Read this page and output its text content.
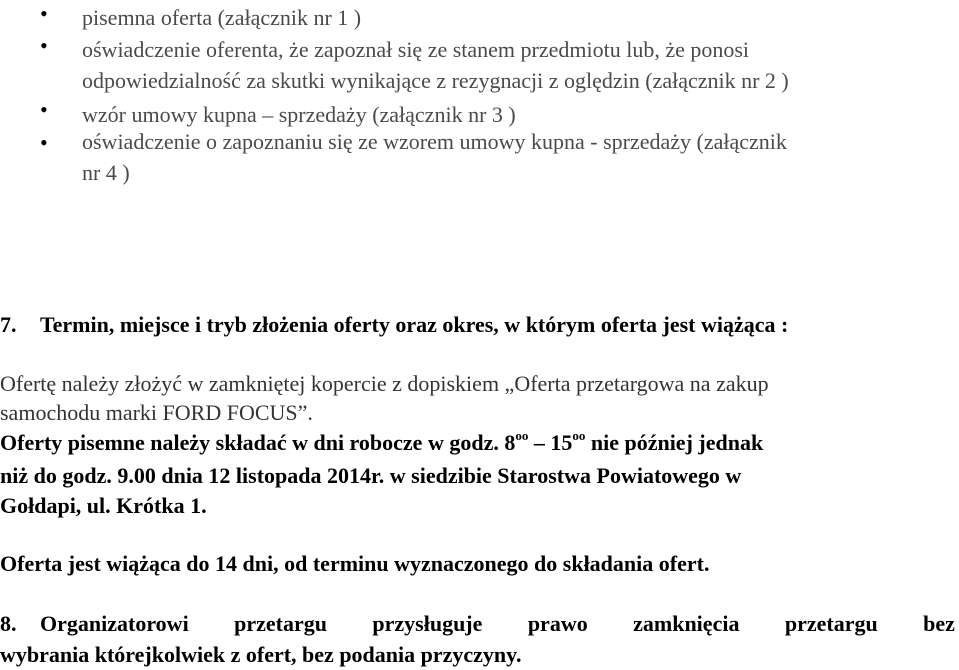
• pisemna oferta (załącznik nr 1 )
• oświadczenie oferenta, że zapoznał się ze stanem przedmiotu lub, że ponosi
odpowiedzialność za skutki wynikające z rezygnacji z oględzin (załącznik nr 2 )
• wzór umowy kupna – sprzedaży (załącznik nr 3 )
• oświadczenie o zapoznaniu się ze wzorem umowy kupna - sprzedaży (załącznik
nr 4 )
7. Termin, miejsce i tryb złożenia oferty oraz okres, w którym oferta jest wiążąca :
Ofertę należy złożyć w zamkniętej kopercie z dopiskiem „Oferta przetargowa na zakup
samochodu marki FORD FOCUS”.
Oferty pisemne należy składać w dni robocze w godz. $8^{oo} - 15^{oo}$ nie później jednak
niż do godz. 9.00 dnia 12 listopada 2014r. w siedzibie Starostwa Powiatowego w
Gołdapi, ul. Krótka 1.
Oferta jest wiążąca do 14 dni, od terminu wyznaczonego do składania ofert.
8. Organizatorowi przetargu przysługuje prawo zamknięcia przetargu bez
wybrania którejkolwiek z ofert, bez podania przyczyny.
